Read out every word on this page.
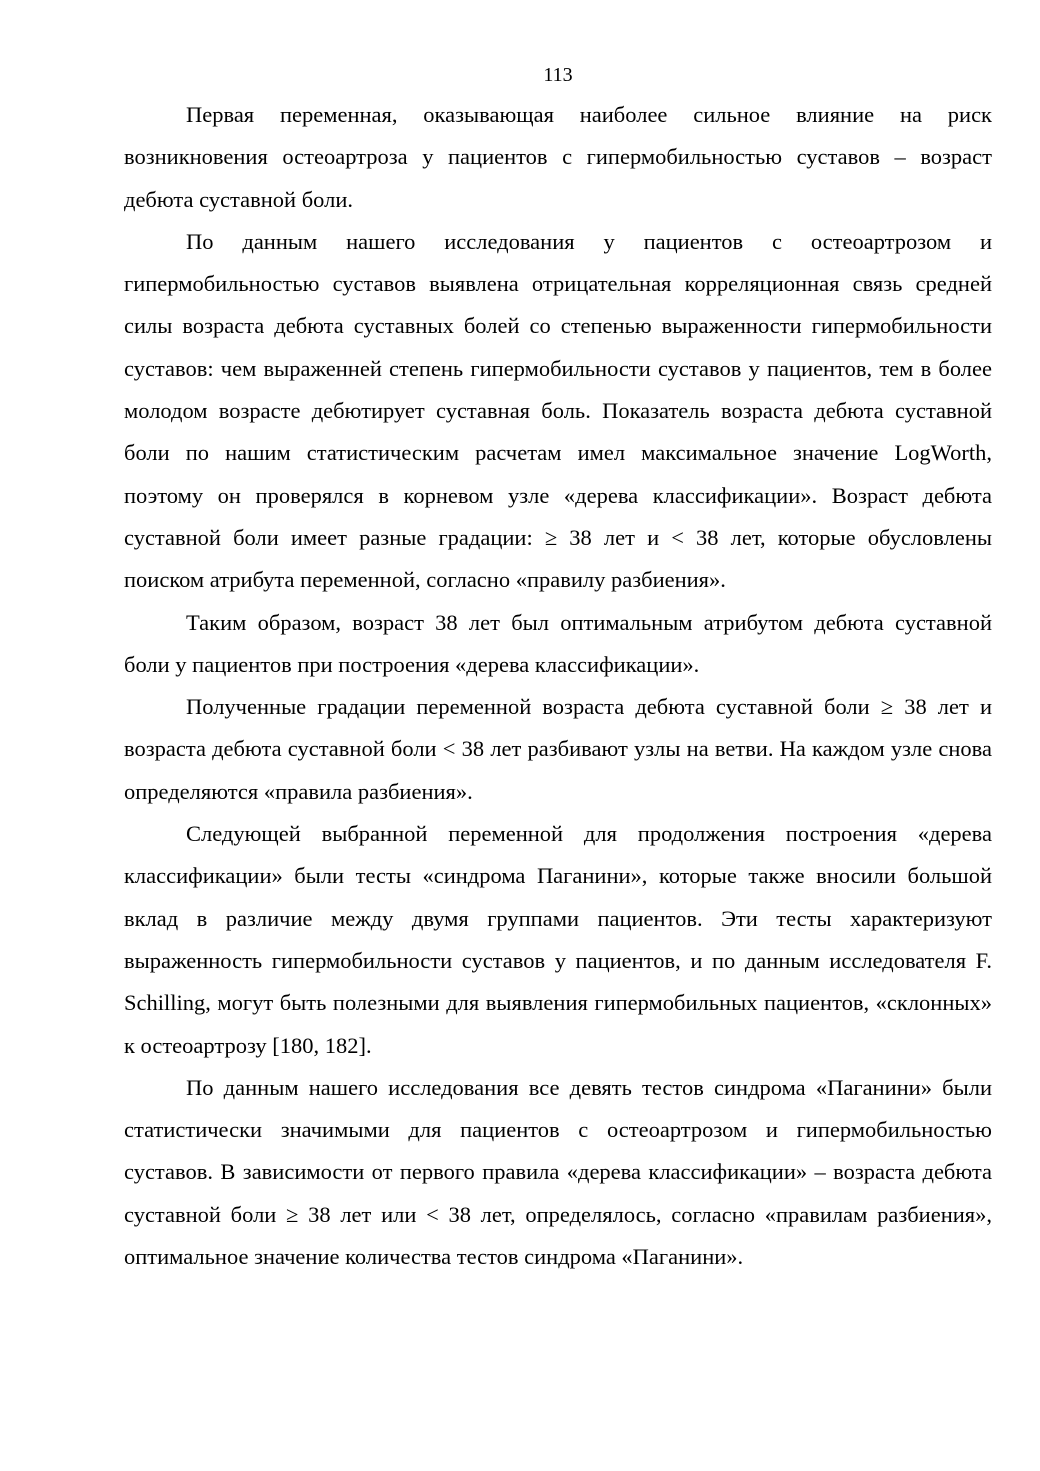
113

Первая переменная, оказывающая наиболее сильное влияние на риск возникновения остеоартроза у пациентов с гипермобильностью суставов – возраст дебюта суставной боли.

По данным нашего исследования у пациентов с остеоартрозом и гипермобильностью суставов выявлена отрицательная корреляционная связь средней силы возраста дебюта суставных болей со степенью выраженности гипермобильности суставов: чем выраженней степень гипермобильности суставов у пациентов, тем в более молодом возрасте дебютирует суставная боль. Показатель возраста дебюта суставной боли по нашим статистическим расчетам имел максимальное значение LogWorth, поэтому он проверялся в корневом узле «дерева классификации». Возраст дебюта суставной боли имеет разные градации: ≥ 38 лет и < 38 лет, которые обусловлены поиском атрибута переменной, согласно «правилу разбиения».

Таким образом, возраст 38 лет был оптимальным атрибутом дебюта суставной боли у пациентов при построения «дерева классификации».

Полученные градации переменной возраста дебюта суставной боли ≥ 38 лет и возраста дебюта суставной боли < 38 лет разбивают узлы на ветви. На каждом узле снова определяются «правила разбиения».

Следующей выбранной переменной для продолжения построения «дерева классификации» были тесты «синдрома Паганини», которые также вносили большой вклад в различие между двумя группами пациентов. Эти тесты характеризуют выраженность гипермобильности суставов у пациентов, и по данным исследователя F. Schilling, могут быть полезными для выявления гипермобильных пациентов, «склонных» к остеоартрозу [180, 182].

По данным нашего исследования все девять тестов синдрома «Паганини» были статистически значимыми для пациентов с остеоартрозом и гипермобильностью суставов. В зависимости от первого правила «дерева классификации» – возраста дебюта суставной боли ≥ 38 лет или < 38 лет, определялось, согласно «правилам разбиения», оптимальное значение количества тестов синдрома «Паганини».
